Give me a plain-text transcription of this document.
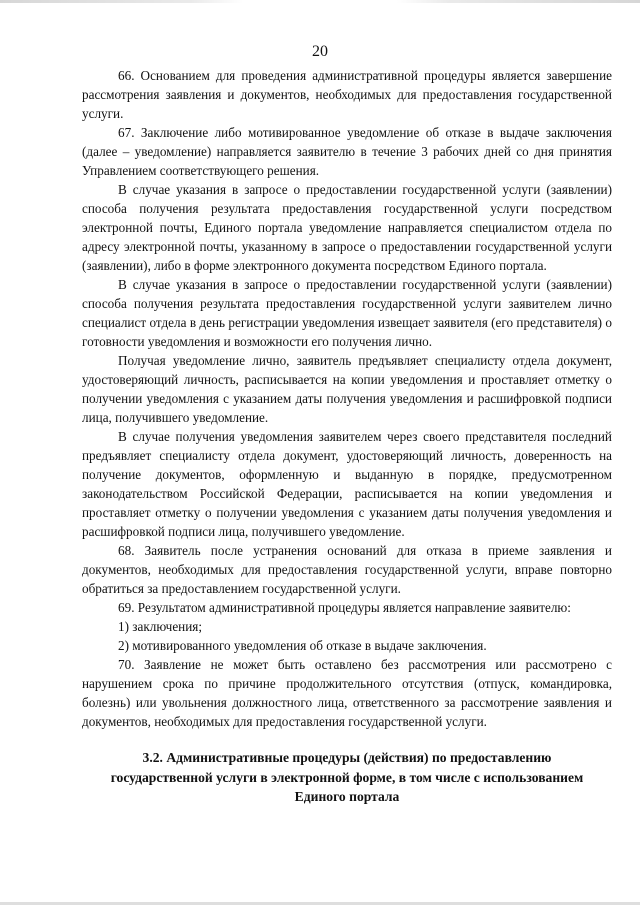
20

66. Основанием для проведения административной процедуры является завершение рассмотрения заявления и документов, необходимых для предоставления государственной услуги.

67. Заключение либо мотивированное уведомление об отказе в выдаче заключения (далее – уведомление) направляется заявителю в течение 3 рабочих дней со дня принятия Управлением соответствующего решения.

В случае указания в запросе о предоставлении государственной услуги (заявлении) способа получения результата предоставления государственной услуги посредством электронной почты, Единого портала уведомление направляется специалистом отдела по адресу электронной почты, указанному в запросе о предоставлении государственной услуги (заявлении), либо в форме электронного документа посредством Единого портала.

В случае указания в запросе о предоставлении государственной услуги (заявлении) способа получения результата предоставления государственной услуги заявителем лично специалист отдела в день регистрации уведомления извещает заявителя (его представителя) о готовности уведомления и возможности его получения лично.

Получая уведомление лично, заявитель предъявляет специалисту отдела документ, удостоверяющий личность, расписывается на копии уведомления и проставляет отметку о получении уведомления с указанием даты получения уведомления и расшифровкой подписи лица, получившего уведомление.

В случае получения уведомления заявителем через своего представителя последний предъявляет специалисту отдела документ, удостоверяющий личность, доверенность на получение документов, оформленную и выданную в порядке, предусмотренном законодательством Российской Федерации, расписывается на копии уведомления и проставляет отметку о получении уведомления с указанием даты получения уведомления и расшифровкой подписи лица, получившего уведомление.

68. Заявитель после устранения оснований для отказа в приеме заявления и документов, необходимых для предоставления государственной услуги, вправе повторно обратиться за предоставлением государственной услуги.

69. Результатом административной процедуры является направление заявителю:

1) заключения;

2) мотивированного уведомления об отказе в выдаче заключения.

70. Заявление не может быть оставлено без рассмотрения или рассмотрено с нарушением срока по причине продолжительного отсутствия (отпуск, командировка, болезнь) или увольнения должностного лица, ответственного за рассмотрение заявления и документов, необходимых для предоставления государственной услуги.

3.2. Административные процедуры (действия) по предоставлению государственной услуги в электронной форме, в том числе с использованием Единого портала
